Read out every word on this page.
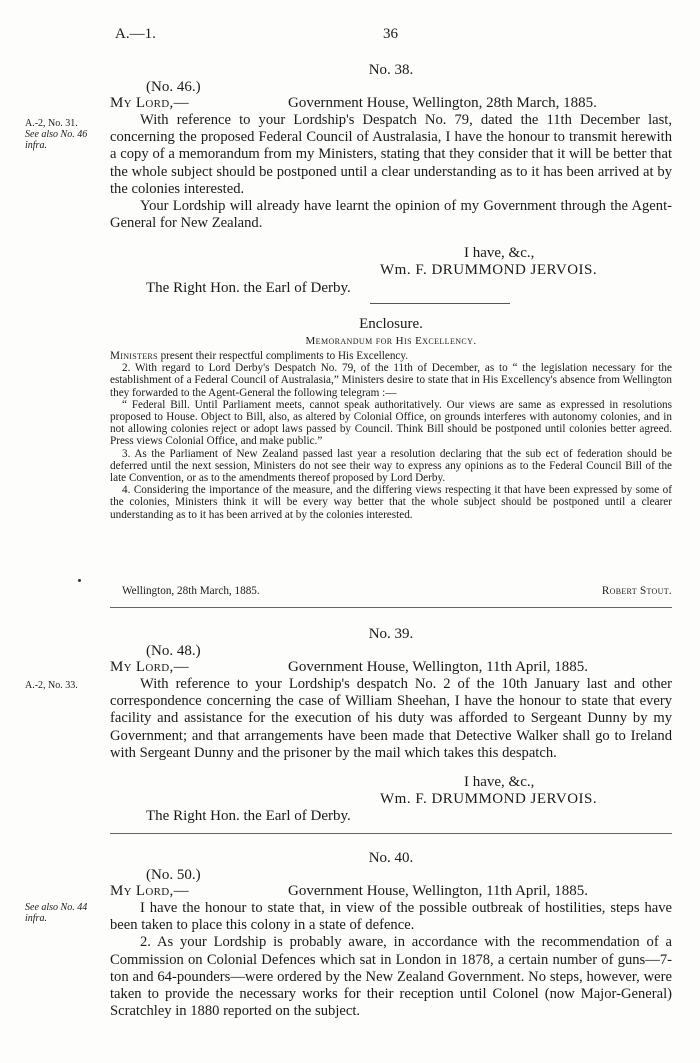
A.—1.	36
A.-2, No. 31.
See also No. 46
infra.
No. 38.
(No. 46.)
My Lord,—	Government House, Wellington, 28th March, 1885.

With reference to your Lordship's Despatch No. 79, dated the 11th December last, concerning the proposed Federal Council of Australasia, I have the honour to transmit herewith a copy of a memorandum from my Ministers, stating that they consider that it will be better that the whole subject should be postponed until a clear understanding as to it has been arrived at by the colonies interested.

Your Lordship will already have learnt the opinion of my Government through the Agent-General for New Zealand.

I have, &c.,
Wm. F. DRUMMOND JERVOIS.
The Right Hon. the Earl of Derby.
Enclosure.
Memorandum for His Excellency.

Ministers present their respectful compliments to His Excellency.

2. With regard to Lord Derby's Despatch No. 79, of the 11th of December, as to “ the legislation necessary for the establishment of a Federal Council of Australasia,” Ministers desire to state that in His Excellency's absence from Wellington they forwarded to the Agent-General the following telegram :—

“ Federal Bill. Until Parliament meets, cannot speak authoritatively. Our views are same as expressed in resolutions proposed to House. Object to Bill, also, as altered by Colonial Office, on grounds interferes with autonomy colonies, and in not allowing colonies reject or adopt laws passed by Council. Think Bill should be postponed until colonies better agreed. Press views Colonial Office, and make public.”

3. As the Parliament of New Zealand passed last year a resolution declaring that the sub ect of federation should be deferred until the next session, Ministers do not see their way to express any opinions as to the Federal Council Bill of the late Convention, or as to the amendments thereof proposed by Lord Derby.

4. Considering the importance of the measure, and the differing views respecting it that have been expressed by some of the colonies, Ministers think it will be every way better that the whole subject should be postponed until a clearer understanding as to it has been arrived at by the colonies interested.

Wellington, 28th March, 1885.	Robert Stout.
A.-2, No. 33.
No. 39.
(No. 48.)
My Lord,—	Government House, Wellington, 11th April, 1885.

With reference to your Lordship's despatch No. 2 of the 10th January last and other correspondence concerning the case of William Sheehan, I have the honour to state that every facility and assistance for the execution of his duty was afforded to Sergeant Dunny by my Government; and that arrangements have been made that Detective Walker shall go to Ireland with Sergeant Dunny and the prisoner by the mail which takes this despatch.

I have, &c.,
Wm. F. DRUMMOND JERVOIS.
The Right Hon. the Earl of Derby.
See also No. 44
infra.
No. 40.
(No. 50.)
My Lord,—	Government House, Wellington, 11th April, 1885.

I have the honour to state that, in view of the possible outbreak of hostilities, steps have been taken to place this colony in a state of defence.

2. As your Lordship is probably aware, in accordance with the recommendation of a Commission on Colonial Defences which sat in London in 1878, a certain number of guns—7-ton and 64-pounders—were ordered by the New Zealand Government. No steps, however, were taken to provide the necessary works for their reception until Colonel (now Major-General) Scratchley in 1880 reported on the subject.
